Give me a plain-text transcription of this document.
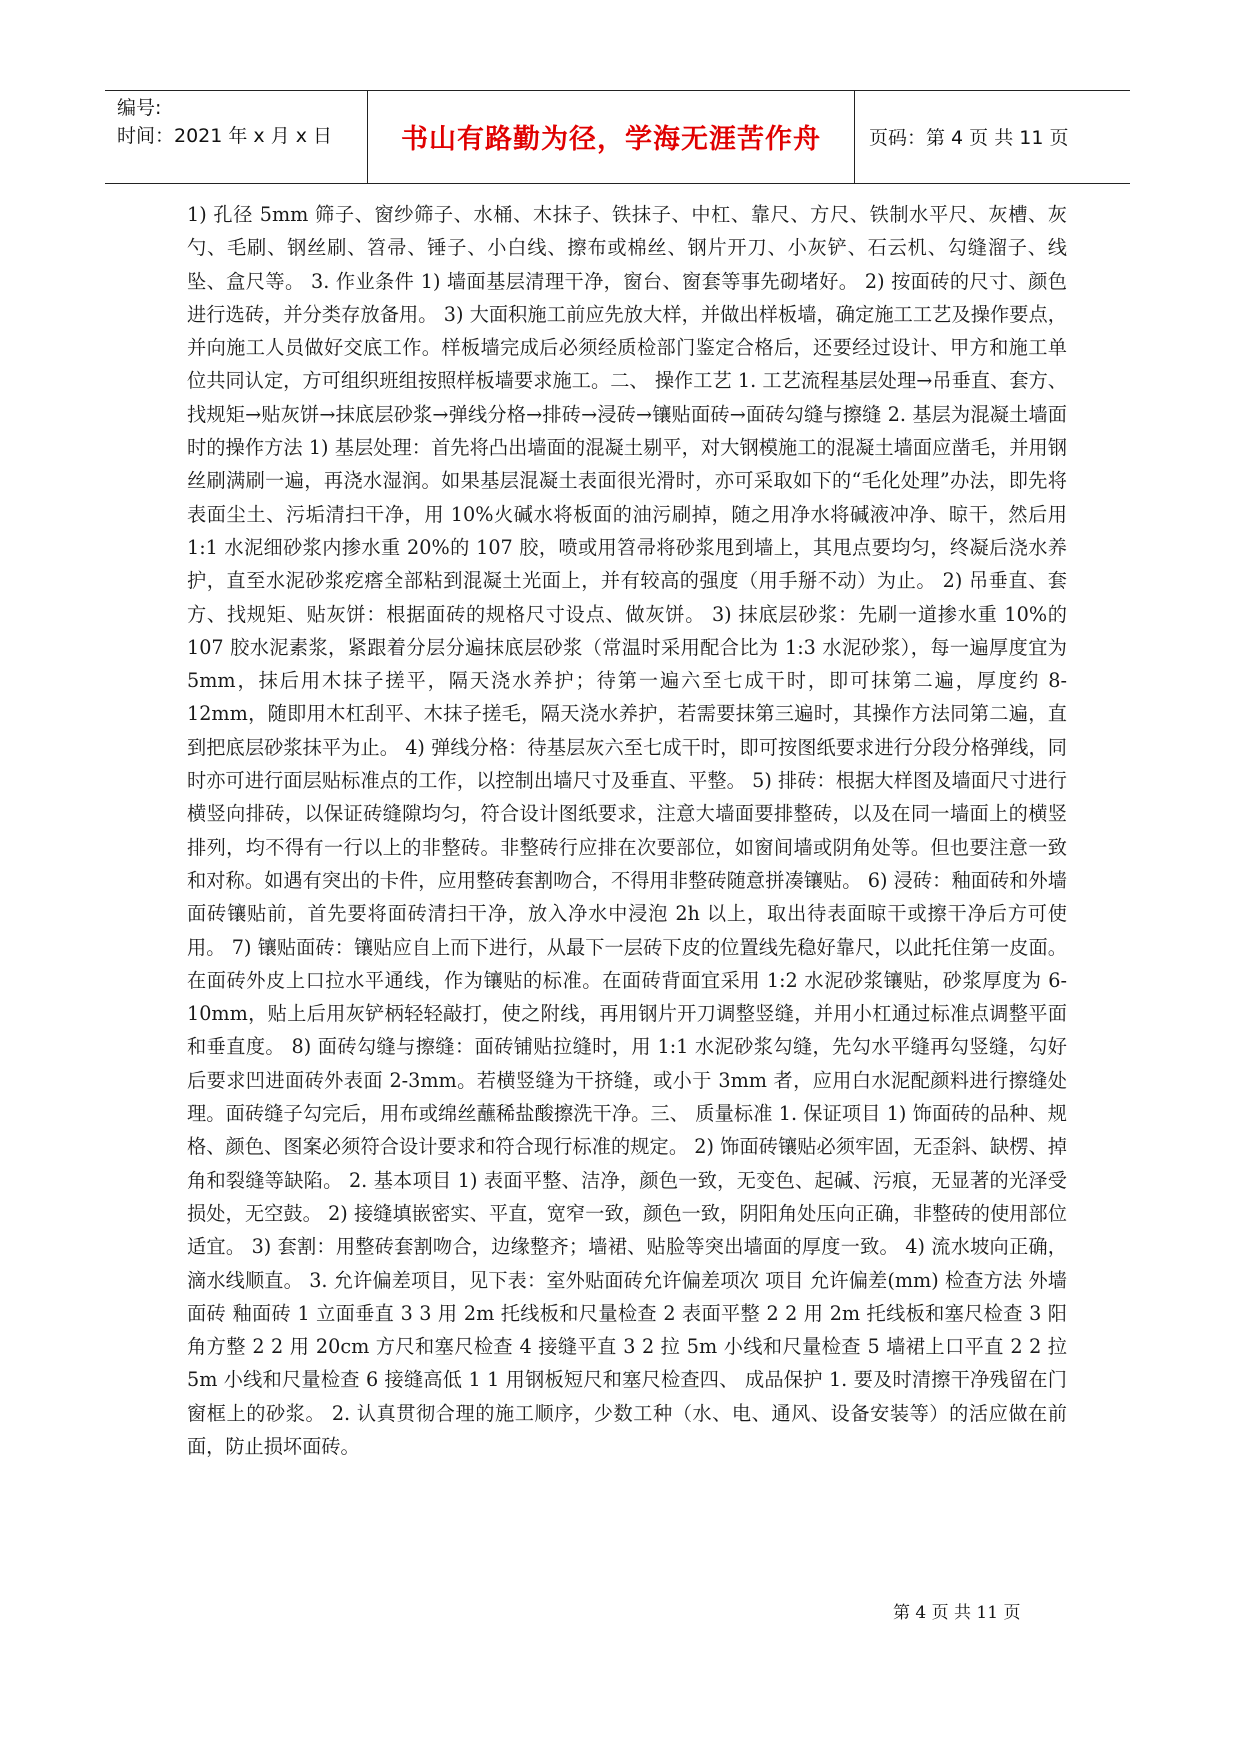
编号:
时间：2021 年 x 月 x 日	书山有路勤为径，学海无涯苦作舟	页码：第 4 页 共 11 页

1) 孔径 5mm 筛子、窗纱筛子、水桶、木抹子、铁抹子、中杠、靠尺、方尺、铁制水平尺、灰槽、灰勺、毛刷、钢丝刷、笤帚、锤子、小白线、擦布或棉丝、钢片开刀、小灰铲、石云机、勾缝溜子、线坠、盒尺等。 3. 作业条件 1) 墙面基层清理干净，窗台、窗套等事先砌堵好。 2) 按面砖的尺寸、颜色进行选砖，并分类存放备用。 3) 大面积施工前应先放大样，并做出样板墙，确定施工工艺及操作要点，并向施工人员做好交底工作。样板墙完成后必须经质检部门鉴定合格后，还要经过设计、甲方和施工单位共同认定，方可组织班组按照样板墙要求施工。二、 操作工艺 1. 工艺流程基层处理→吊垂直、套方、找规矩→贴灰饼→抹底层砂浆→弹线分格→排砖→浸砖→镶贴面砖→面砖勾缝与擦缝 2. 基层为混凝土墙面时的操作方法 1) 基层处理：首先将凸出墙面的混凝土剔平，对大钢模施工的混凝土墙面应凿毛，并用钢丝刷满刷一遍，再浇水湿润。如果基层混凝土表面很光滑时，亦可采取如下的“毛化处理”办法，即先将表面尘土、污垢清扫干净，用 10%火碱水将板面的油污刷掉，随之用净水将碱液冲净、晾干，然后用 1:1 水泥细砂浆内掺水重 20%的 107 胶，喷或用笤帚将砂浆甩到墙上，其甩点要均匀，终凝后浇水养护，直至水泥砂浆疙瘩全部粘到混凝土光面上，并有较高的强度（用手掰不动）为止。 2) 吊垂直、套方、找规矩、贴灰饼：根据面砖的规格尺寸设点、做灰饼。 3) 抹底层砂浆：先刷一道掺水重 10%的 107 胶水泥素浆，紧跟着分层分遍抹底层砂浆（常温时采用配合比为 1:3 水泥砂浆），每一遍厚度宜为 5mm，抹后用木抹子搓平，隔天浇水养护；待第一遍六至七成干时，即可抹第二遍，厚度约 8-12mm，随即用木杠刮平、木抹子搓毛，隔天浇水养护，若需要抹第三遍时，其操作方法同第二遍，直到把底层砂浆抹平为止。 4) 弹线分格：待基层灰六至七成干时，即可按图纸要求进行分段分格弹线，同时亦可进行面层贴标准点的工作，以控制出墙尺寸及垂直、平整。 5) 排砖：根据大样图及墙面尺寸进行横竖向排砖，以保证砖缝隙均匀，符合设计图纸要求，注意大墙面要排整砖，以及在同一墙面上的横竖排列，均不得有一行以上的非整砖。非整砖行应排在次要部位，如窗间墙或阴角处等。但也要注意一致和对称。如遇有突出的卡件，应用整砖套割吻合，不得用非整砖随意拼凑镶贴。 6) 浸砖：釉面砖和外墙面砖镶贴前，首先要将面砖清扫干净，放入净水中浸泡 2h 以上，取出待表面晾干或擦干净后方可使用。 7) 镶贴面砖：镶贴应自上而下进行，从最下一层砖下皮的位置线先稳好靠尺，以此托住第一皮面。在面砖外皮上口拉水平通线，作为镶贴的标准。在面砖背面宜采用 1:2 水泥砂浆镶贴，砂浆厚度为 6-10mm，贴上后用灰铲柄轻轻敲打，使之附线，再用钢片开刀调整竖缝，并用小杠通过标准点调整平面和垂直度。 8) 面砖勾缝与擦缝：面砖铺贴拉缝时，用 1:1 水泥砂浆勾缝，先勾水平缝再勾竖缝，勾好后要求凹进面砖外表面 2-3mm。若横竖缝为干挤缝，或小于 3mm 者，应用白水泥配颜料进行擦缝处理。面砖缝子勾完后，用布或绵丝蘸稀盐酸擦洗干净。三、 质量标准 1. 保证项目 1) 饰面砖的品种、规格、颜色、图案必须符合设计要求和符合现行标准的规定。 2) 饰面砖镶贴必须牢固，无歪斜、缺楞、掉角和裂缝等缺陷。 2. 基本项目 1) 表面平整、洁净，颜色一致，无变色、起碱、污痕，无显著的光泽受损处，无空鼓。 2) 接缝填嵌密实、平直，宽窄一致，颜色一致，阴阳角处压向正确，非整砖的使用部位适宜。 3) 套割：用整砖套割吻合，边缘整齐；墙裙、贴脸等突出墙面的厚度一致。 4) 流水坡向正确，滴水线顺直。 3. 允许偏差项目，见下表：室外贴面砖允许偏差项次 项目 允许偏差(mm) 检查方法 外墙面砖 釉面砖 1 立面垂直 3 3 用 2m 托线板和尺量检查 2 表面平整 2 2 用 2m 托线板和塞尺检查 3 阳角方整 2 2 用 20cm 方尺和塞尺检查 4 接缝平直 3 2 拉 5m 小线和尺量检查 5 墙裙上口平直 2 2 拉 5m 小线和尺量检查 6 接缝高低 1 1 用钢板短尺和塞尺检查四、 成品保护 1. 要及时清擦干净残留在门窗框上的砂浆。 2. 认真贯彻合理的施工顺序，少数工种（水、电、通风、设备安装等）的活应做在前面，防止损坏面砖。

第 4 页 共 11 页
